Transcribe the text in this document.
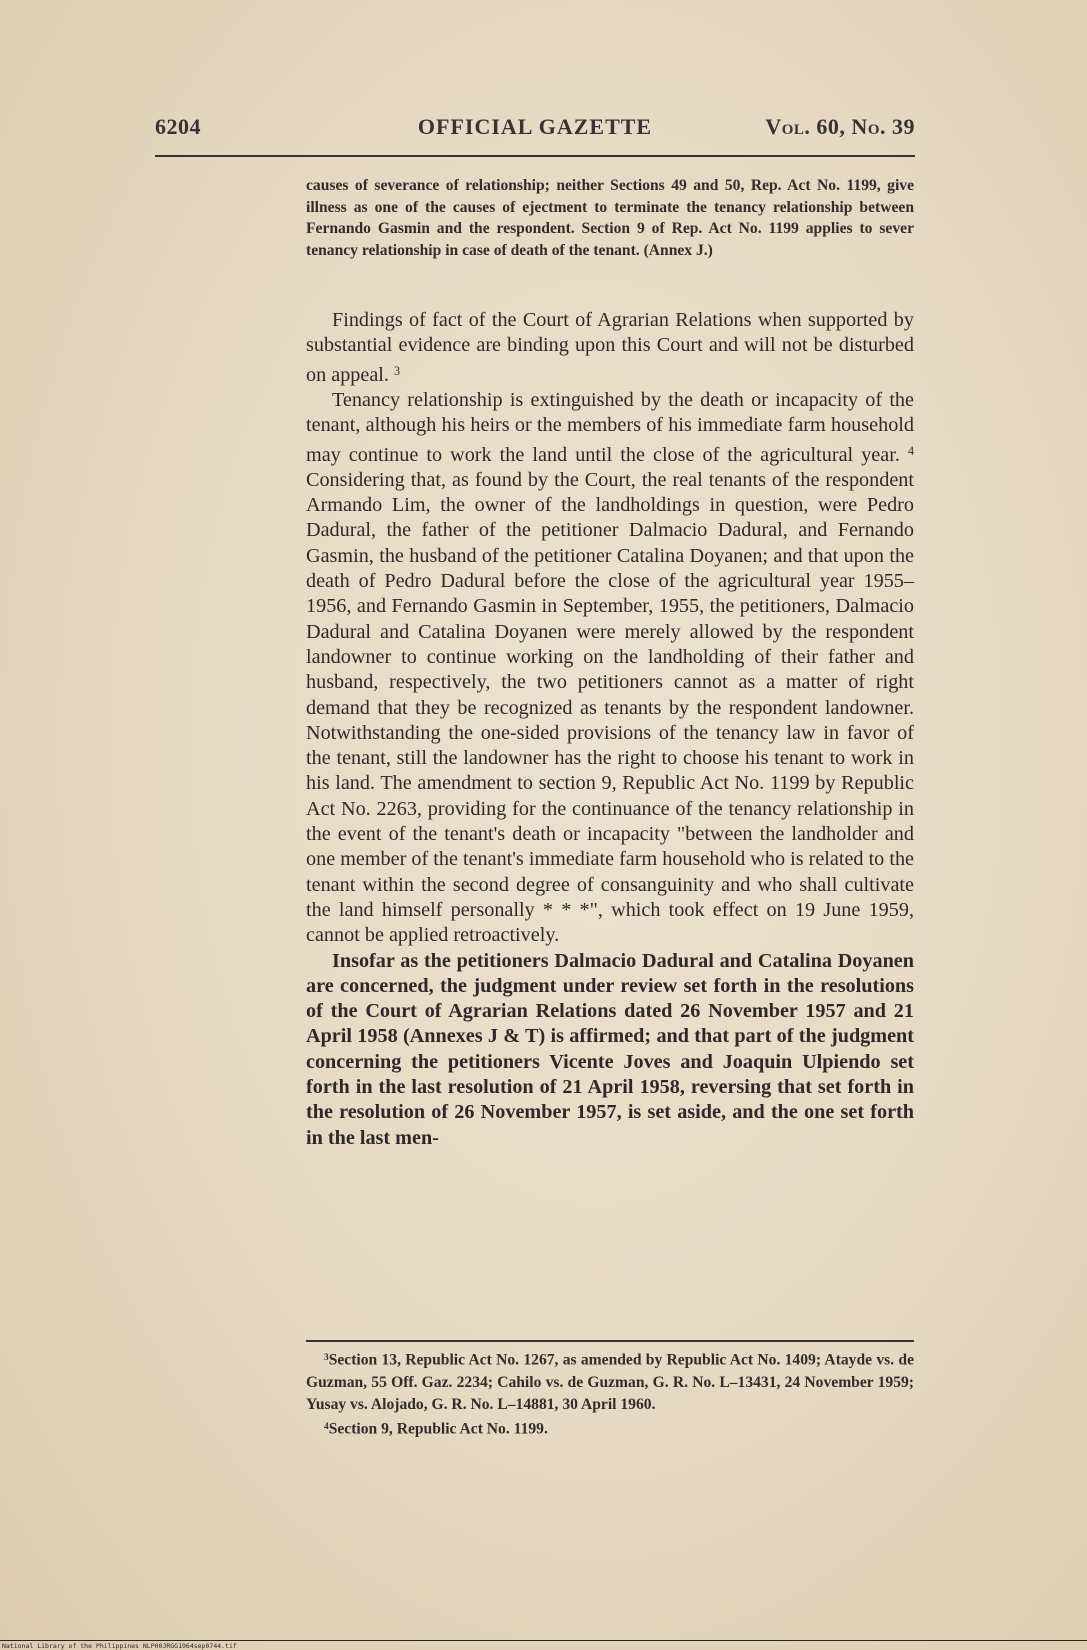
6204	OFFICIAL GAZETTE	Vol. 60, No. 39
causes of severance of relationship; neither Sections 49 and 50, Rep. Act No. 1199, give illness as one of the causes of ejectment to terminate the tenancy relationship between Fernando Gasmin and the respondent. Section 9 of Rep. Act No. 1199 applies to sever tenancy relationship in case of death of the tenant. (Annex J.)

Findings of fact of the Court of Agrarian Relations when supported by substantial evidence are binding upon this Court and will not be disturbed on appeal. $^3$

Tenancy relationship is extinguished by the death or incapacity of the tenant, although his heirs or the members of his immediate farm household may continue to work the land until the close of the agricultural year. $^4$ Considering that, as found by the Court, the real tenants of the respondent Armando Lim, the owner of the landholdings in question, were Pedro Dadural, the father of the petitioner Dalmacio Dadural, and Fernando Gasmin, the husband of the petitioner Catalina Doyanen; and that upon the death of Pedro Dadural before the close of the agricultural year 1955–1956, and Fernando Gasmin in September, 1955, the petitioners, Dalmacio Dadural and Catalina Doyanen were merely allowed by the respondent landowner to continue working on the landholding of their father and husband, respectively, the two petitioners cannot as a matter of right demand that they be recognized as tenants by the respondent landowner. Notwithstanding the one-sided provisions of the tenancy law in favor of the tenant, still the landowner has the right to choose his tenant to work in his land. The amendment to section 9, Republic Act No. 1199 by Republic Act No. 2263, providing for the continuance of the tenancy relationship in the event of the tenant's death or incapacity "between the landholder and one member of the tenant's immediate farm household who is related to the tenant within the second degree of consanguinity and who shall cultivate the land himself personally * * *", which took effect on 19 June 1959, cannot be applied retroactively.

Insofar as the petitioners Dalmacio Dadural and Catalina Doyanen are concerned, the judgment under review set forth in the resolutions of the Court of Agrarian Relations dated 26 November 1957 and 21 April 1958 (Annexes J & T) is affirmed; and that part of the judgment concerning the petitioners Vicente Joves and Joaquin Ulpiendo set forth in the last resolution of 21 April 1958, reversing that set forth in the resolution of 26 November 1957, is set aside, and the one set forth in the last men-

$^3$Section 13, Republic Act No. 1267, as amended by Republic Act No. 1409; Atayde vs. de Guzman, 55 Off. Gaz. 2234; Cahilo vs. de Guzman, G. R. No. L–13431, 24 November 1959; Yusay vs. Alojado, G. R. No. L–14881, 30 April 1960.

$^4$Section 9, Republic Act No. 1199.

National Library of the Philippines NLP00JRGG1964sep0744.tif
